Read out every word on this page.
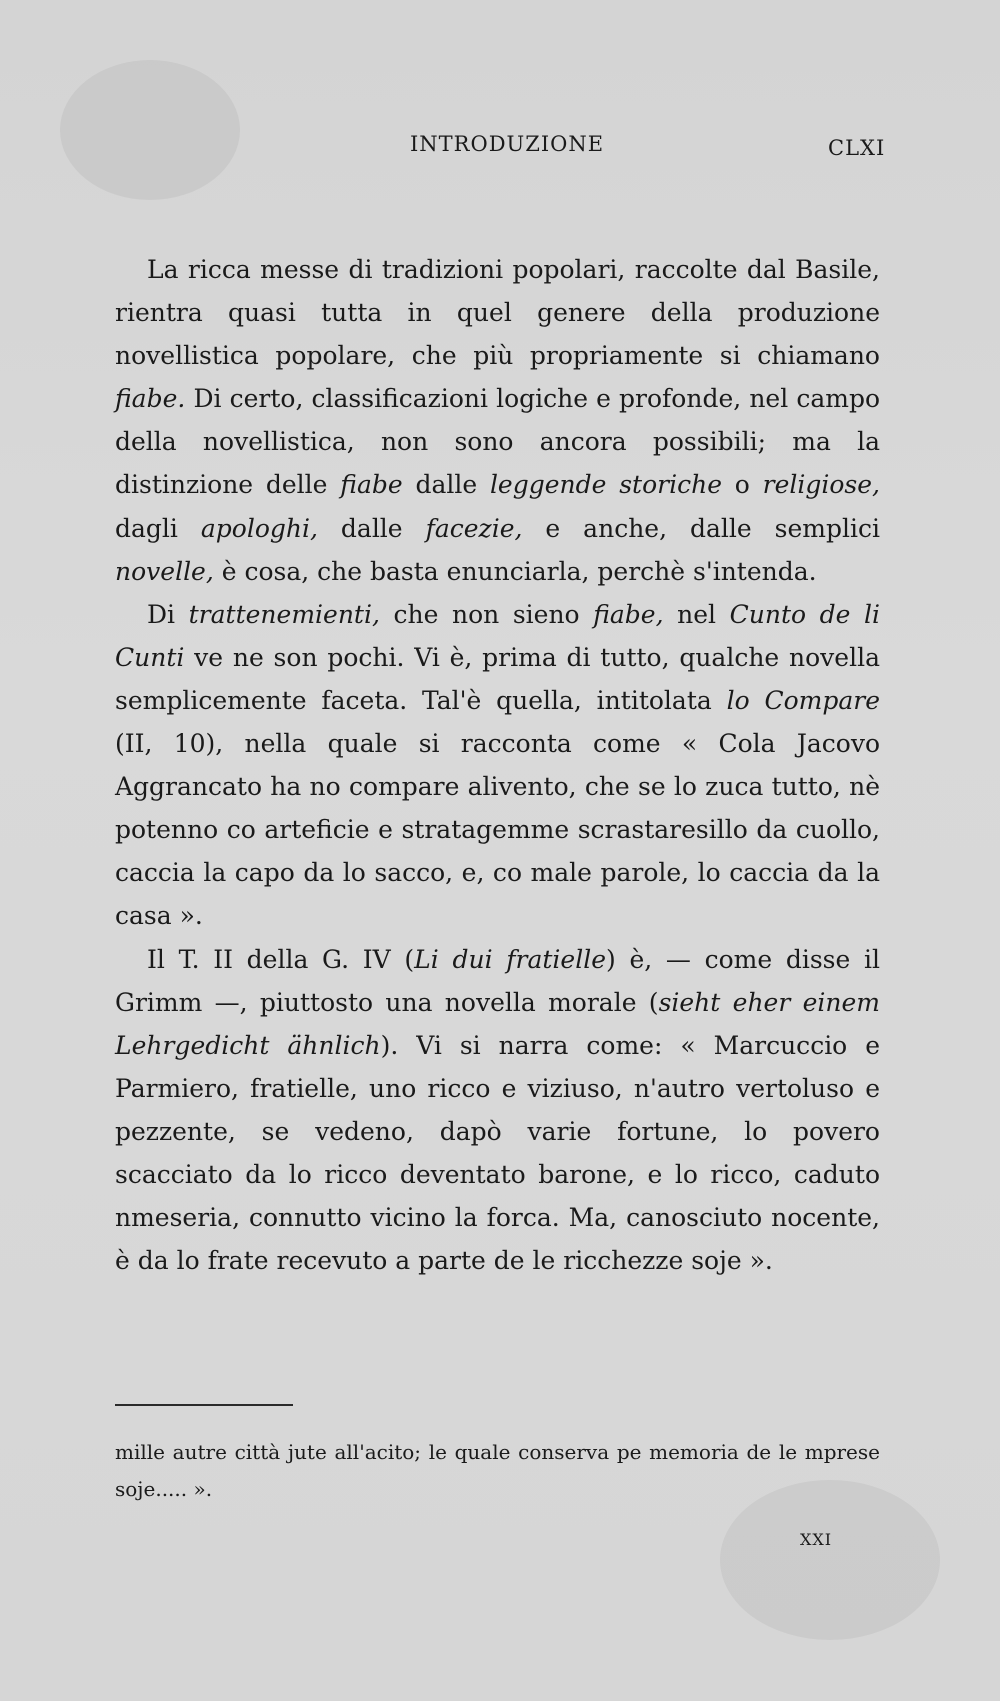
INTRODUZIONE	CLXI

La ricca messe di tradizioni popolari, raccolte dal Basile, rientra quasi tutta in quel genere della produzione novellistica popolare, che più propriamente si chiamano fiabe. Di certo, classificazioni logiche e profonde, nel campo della novellistica, non sono ancora possibili; ma la distinzione delle fiabe dalle leggende storiche o religiose, dagli apologhi, dalle facezie, e anche, dalle semplici novelle, è cosa, che basta enunciarla, perchè s'intenda.

Di trattenemienti, che non sieno fiabe, nel Cunto de li Cunti ve ne son pochi. Vi è, prima di tutto, qualche novella semplicemente faceta. Tal'è quella, intitolata lo Compare (II, 10), nella quale si racconta come « Cola Jacovo Aggrancato ha no compare alivento, che se lo zuca tutto, nè potenno co arteficie e stratagemme scrastaresillo da cuollo, caccia la capo da lo sacco, e, co male parole, lo caccia da la casa ».

Il T. II della G. IV (Li dui fratielle) è, — come disse il Grimm —, piuttosto una novella morale (sieht eher einem Lehrgedicht ähnlich). Vi si narra come: « Marcuccio e Parmiero, fratielle, uno ricco e viziuso, n'autro vertoluso e pezzente, se vedeno, dapò varie fortune, lo povero scacciato da lo ricco deventato barone, e lo ricco, caduto nmeseria, connutto vicino la forca. Ma, canosciuto nocente, è da lo frate recevuto a parte de le ricchezze soje ».

mille autre città jute all'acito; le quale conserva pe memoria de le mprese soje..... ».
XXI
